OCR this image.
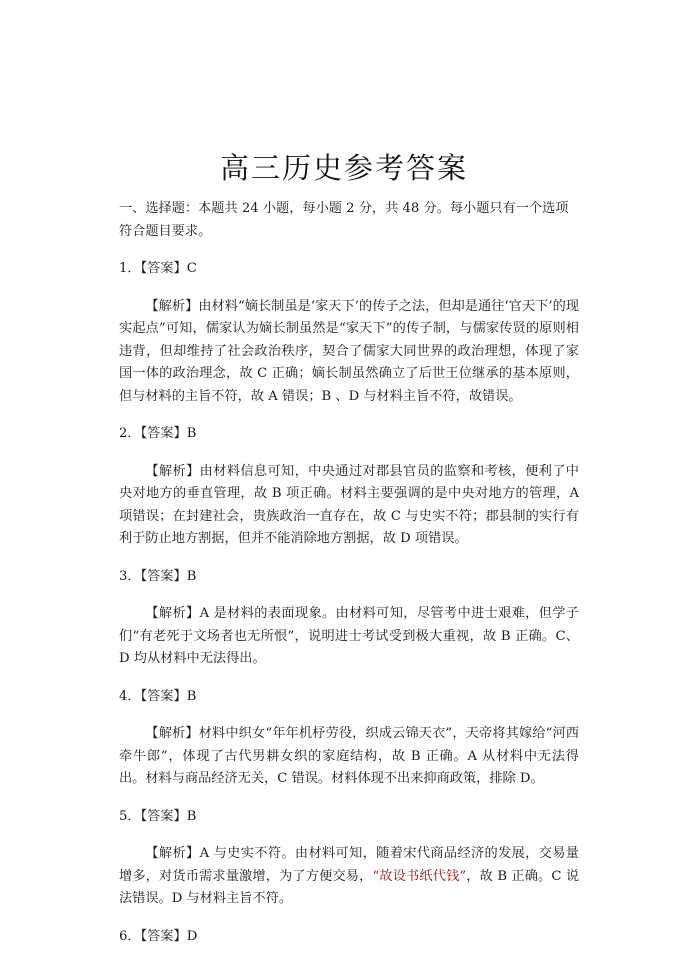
高三历史参考答案

一、选择题：本题共 24 小题，每小题 2 分，共 48 分。每小题只有一个选项符合题目要求。

1．【答案】C

【解析】由材料“嫡长制虽是‘家天下’的传子之法，但却是通往‘官天下’的现实起点”可知，儒家认为嫡长制虽然是“家天下”的传子制，与儒家传贤的原则相违背，但却维持了社会政治秩序，契合了儒家大同世界的政治理想，体现了家国一体的政治理念，故 C 正确；嫡长制虽然确立了后世王位继承的基本原则，但与材料的主旨不符，故 A 错误；B 、D 与材料主旨不符，故错误。

2．【答案】B

【解析】由材料信息可知，中央通过对郡县官员的监察和考核，便利了中央对地方的垂直管理，故 B 项正确。材料主要强调的是中央对地方的管理，A 项错误；在封建社会，贵族政治一直存在，故 C 与史实不符；郡县制的实行有利于防止地方割据，但并不能消除地方割据，故 D 项错误。

3．【答案】B

【解析】A 是材料的表面现象。由材料可知，尽管考中进士艰难，但学子们“有老死于文场者也无所恨”，说明进士考试受到极大重视，故 B 正确。C、D 均从材料中无法得出。

4．【答案】B

【解析】材料中织女“年年机杼劳役，织成云锦天衣”，天帝将其嫁给“河西牵牛郎”，体现了古代男耕女织的家庭结构，故 B 正确。A 从材料中无法得出。材料与商品经济无关，C 错误。材料体现不出来抑商政策，排除 D。

5．【答案】B

【解析】A 与史实不符。由材料可知，随着宋代商品经济的发展，交易量增多，对货币需求量激增，为了方便交易，“故设书纸代钱”，故 B 正确。C 说法错误。D 与材料主旨不符。

6．【答案】D
